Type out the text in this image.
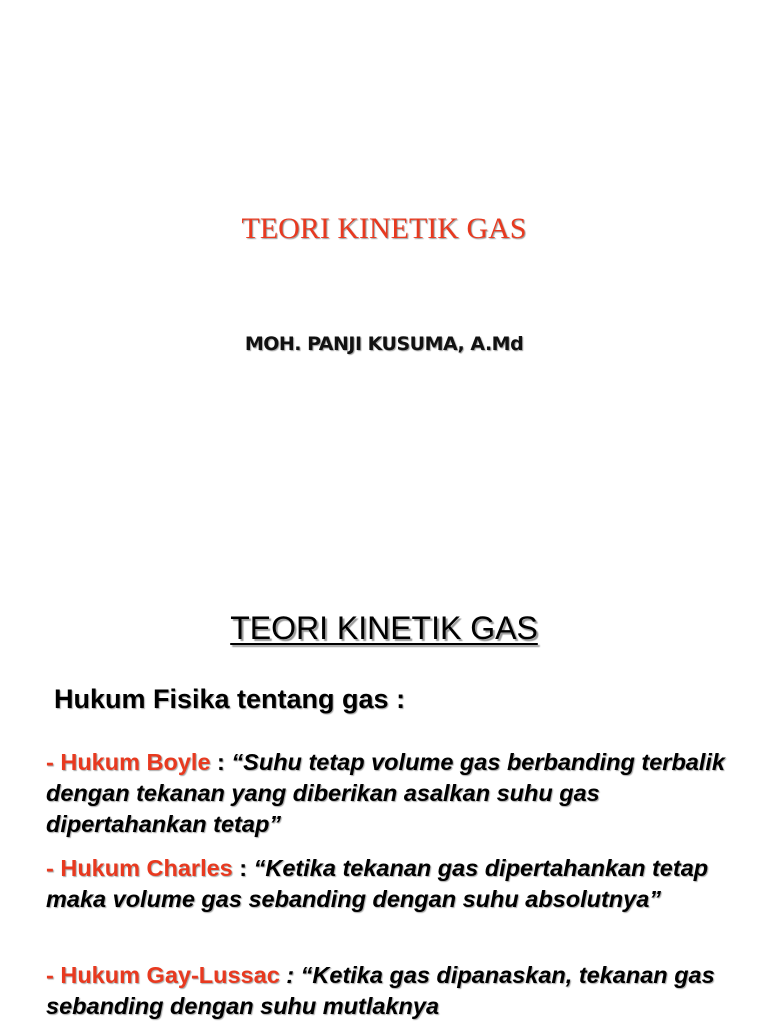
TEORI KINETIK GAS
MOH. PANJI KUSUMA, A.Md
TEORI KINETIK GAS
Hukum Fisika tentang gas :
- Hukum Boyle : “Suhu tetap volume gas berbanding terbalik dengan tekanan yang diberikan asalkan suhu gas dipertahankan tetap”
- Hukum Charles : “Ketika tekanan gas dipertahankan tetap maka volume gas sebanding dengan suhu absolutnya”
- Hukum Gay-Lussac : “Ketika gas dipanaskan, tekanan gas sebanding dengan suhu mutlaknya
